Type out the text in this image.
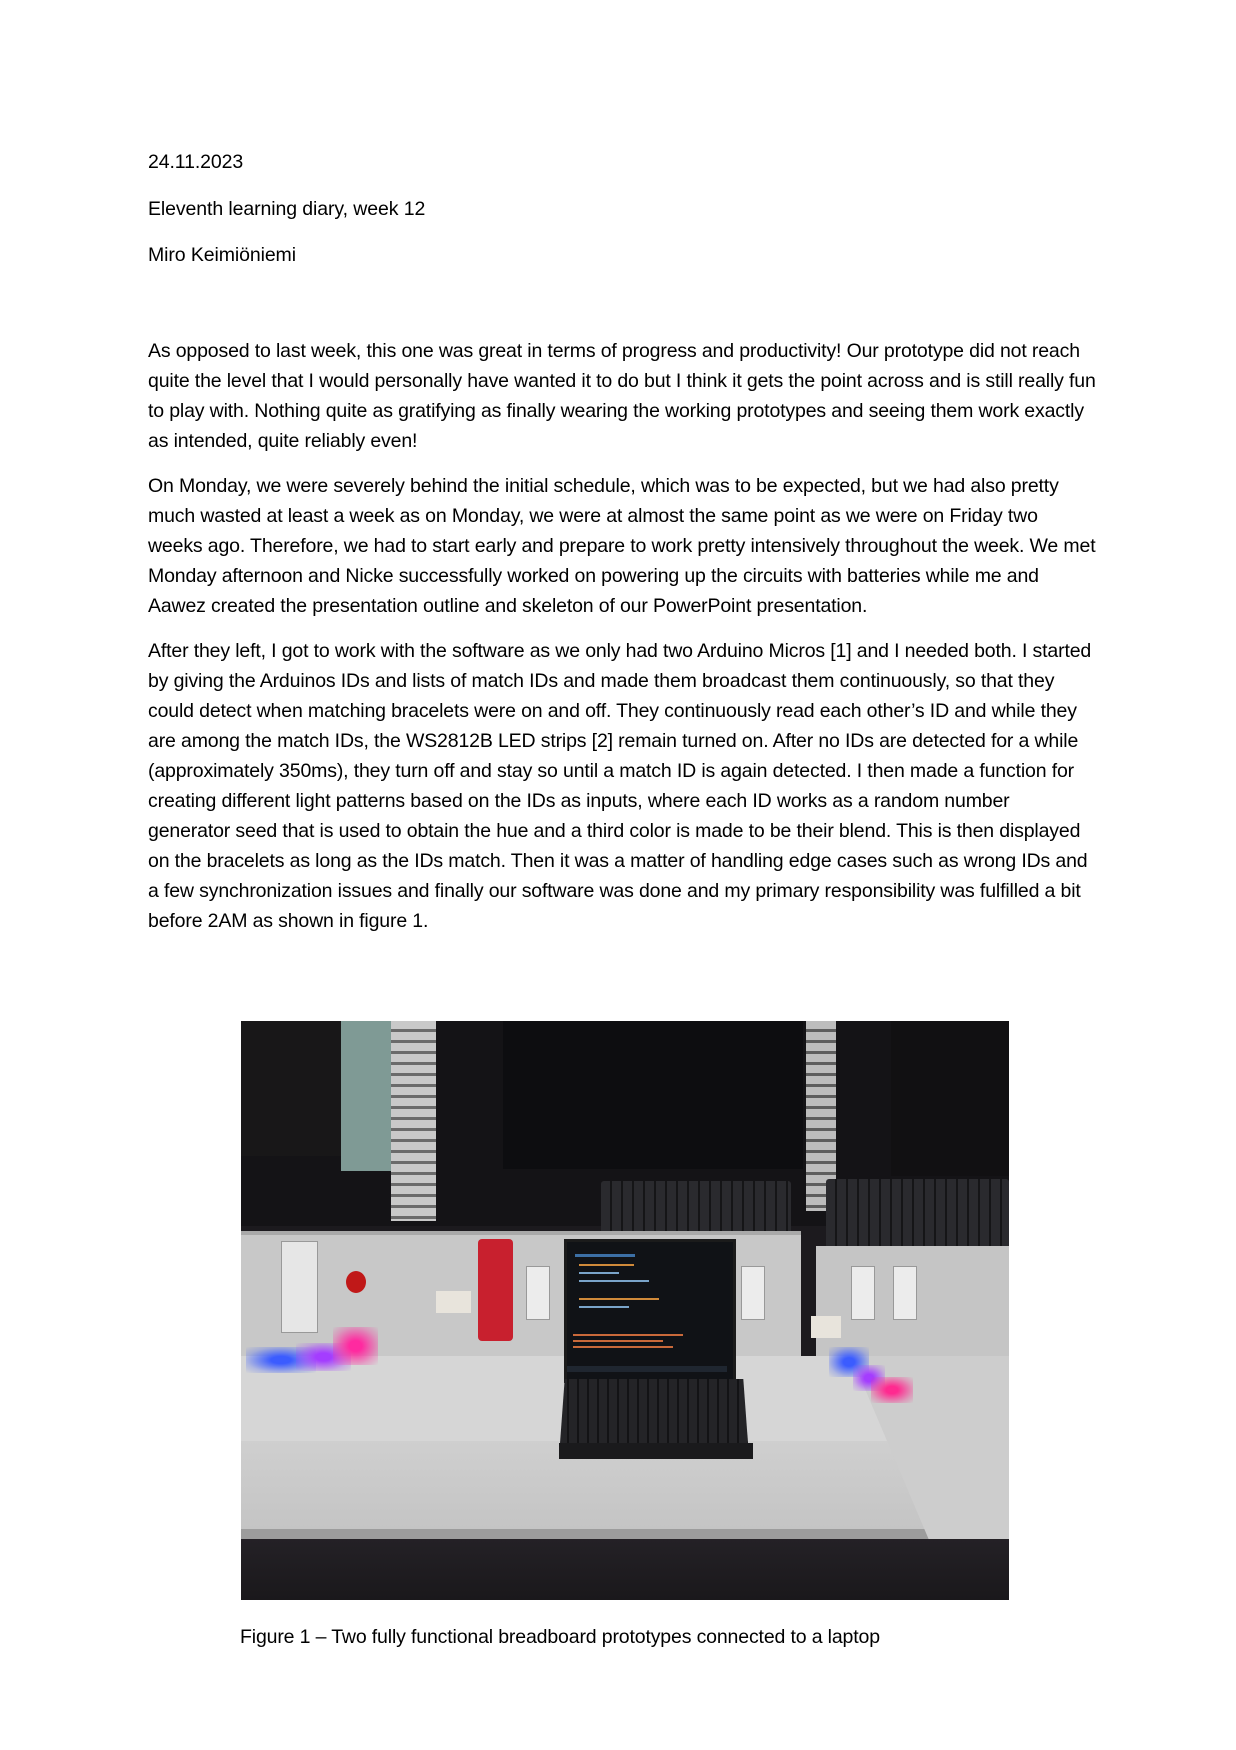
24.11.2023
Eleventh learning diary, week 12
Miro Keimiöniemi

As opposed to last week, this one was great in terms of progress and productivity! Our prototype did not reach quite the level that I would personally have wanted it to do but I think it gets the point across and is still really fun to play with. Nothing quite as gratifying as finally wearing the working prototypes and seeing them work exactly as intended, quite reliably even!

On Monday, we were severely behind the initial schedule, which was to be expected, but we had also pretty much wasted at least a week as on Monday, we were at almost the same point as we were on Friday two weeks ago. Therefore, we had to start early and prepare to work pretty intensively throughout the week. We met Monday afternoon and Nicke successfully worked on powering up the circuits with batteries while me and Aawez created the presentation outline and skeleton of our PowerPoint presentation.

After they left, I got to work with the software as we only had two Arduino Micros [1] and I needed both. I started by giving the Arduinos IDs and lists of match IDs and made them broadcast them continuously, so that they could detect when matching bracelets were on and off. They continuously read each other’s ID and while they are among the match IDs, the WS2812B LED strips [2] remain turned on. After no IDs are detected for a while (approximately 350ms), they turn off and stay so until a match ID is again detected. I then made a function for creating different light patterns based on the IDs as inputs, where each ID works as a random number generator seed that is used to obtain the hue and a third color is made to be their blend. This is then displayed on the bracelets as long as the IDs match. Then it was a matter of handling edge cases such as wrong IDs and a few synchronization issues and finally our software was done and my primary responsibility was fulfilled a bit before 2AM as shown in figure 1.

Figure 1 – Two fully functional breadboard prototypes connected to a laptop
